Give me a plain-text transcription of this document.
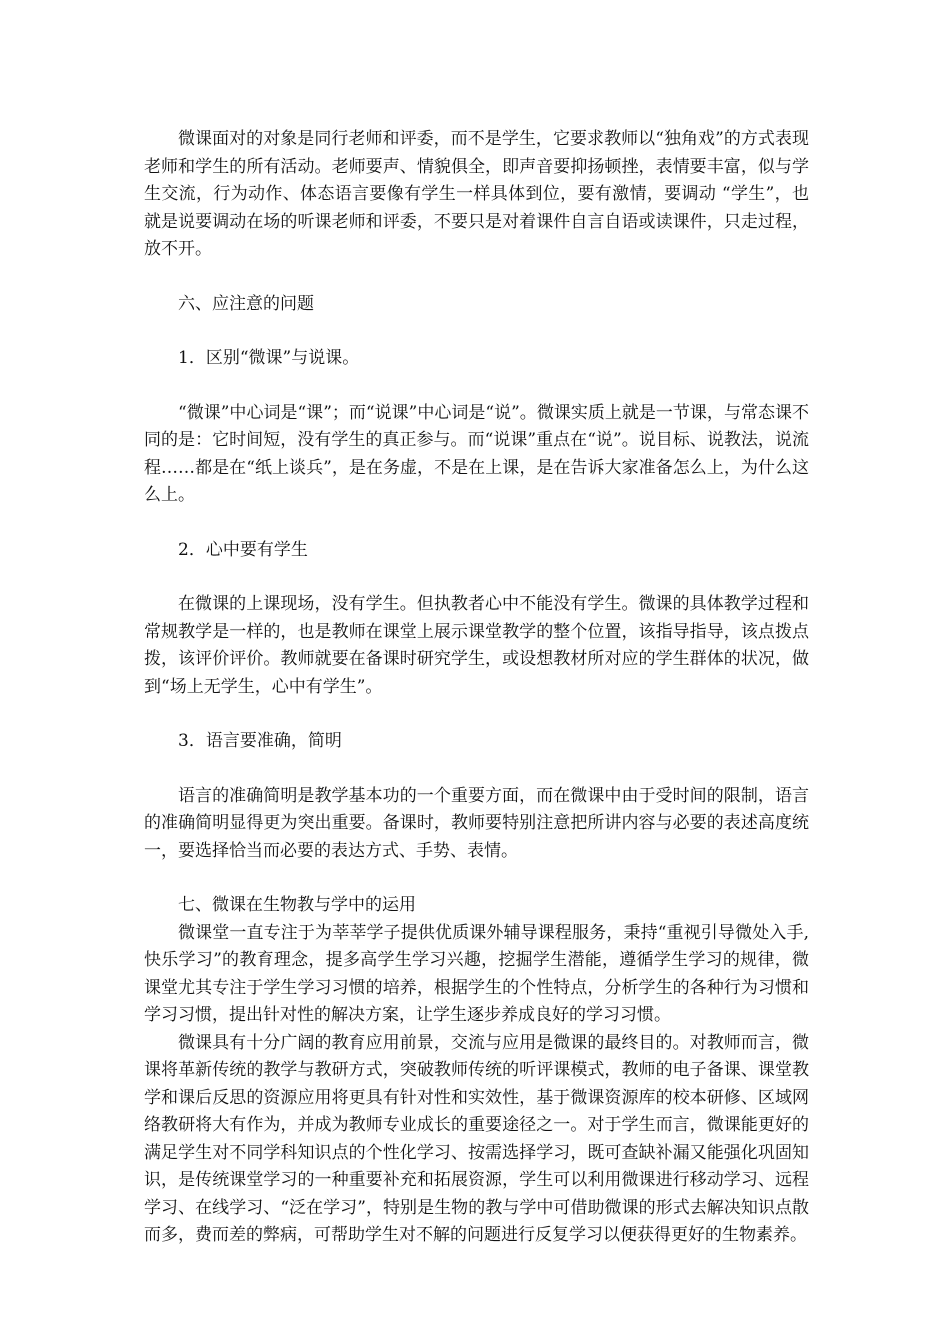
微课面对的对象是同行老师和评委，而不是学生，它要求教师以“独角戏”的方式表现老师和学生的所有活动。老师要声、情貌俱全，即声音要抑扬顿挫，表情要丰富，似与学生交流，行为动作、体态语言要像有学生一样具体到位，要有激情，要调动 “学生”，也就是说要调动在场的听课老师和评委，不要只是对着课件自言自语或读课件，只走过程，放不开。

六、应注意的问题

1．区别“微课”与说课。

“微课”中心词是“课”；而“说课”中心词是“说”。微课实质上就是一节课，与常态课不同的是：它时间短，没有学生的真正参与。而“说课”重点在“说”。说目标、说教法，说流程……都是在“纸上谈兵”，是在务虚，不是在上课，是在告诉大家准备怎么上，为什么这么上。

2．心中要有学生

在微课的上课现场，没有学生。但执教者心中不能没有学生。微课的具体教学过程和常规教学是一样的，也是教师在课堂上展示课堂教学的整个位置，该指导指导，该点拨点拨，该评价评价。教师就要在备课时研究学生，或设想教材所对应的学生群体的状况，做到“场上无学生，心中有学生”。

3．语言要准确，简明

语言的准确简明是教学基本功的一个重要方面，而在微课中由于受时间的限制，语言的准确简明显得更为突出重要。备课时，教师要特别注意把所讲内容与必要的表述高度统一，要选择恰当而必要的表达方式、手势、表情。

七、微课在生物教与学中的运用

微课堂一直专注于为莘莘学子提供优质课外辅导课程服务，秉持“重视引导微处入手,快乐学习”的教育理念，提多高学生学习兴趣，挖掘学生潜能，遵循学生学习的规律，微课堂尤其专注于学生学习习惯的培养，根据学生的个性特点，分析学生的各种行为习惯和学习习惯，提出针对性的解决方案，让学生逐步养成良好的学习习惯。

微课具有十分广阔的教育应用前景，交流与应用是微课的最终目的。对教师而言，微课将革新传统的教学与教研方式，突破教师传统的听评课模式，教师的电子备课、课堂教学和课后反思的资源应用将更具有针对性和实效性，基于微课资源库的校本研修、区域网络教研将大有作为，并成为教师专业成长的重要途径之一。对于学生而言，微课能更好的满足学生对不同学科知识点的个性化学习、按需选择学习，既可查缺补漏又能强化巩固知识，是传统课堂学习的一种重要补充和拓展资源，学生可以利用微课进行移动学习、远程学习、在线学习、“泛在学习”，特别是生物的教与学中可借助微课的形式去解决知识点散而多，费而差的弊病，可帮助学生对不解的问题进行反复学习以便获得更好的生物素养。
